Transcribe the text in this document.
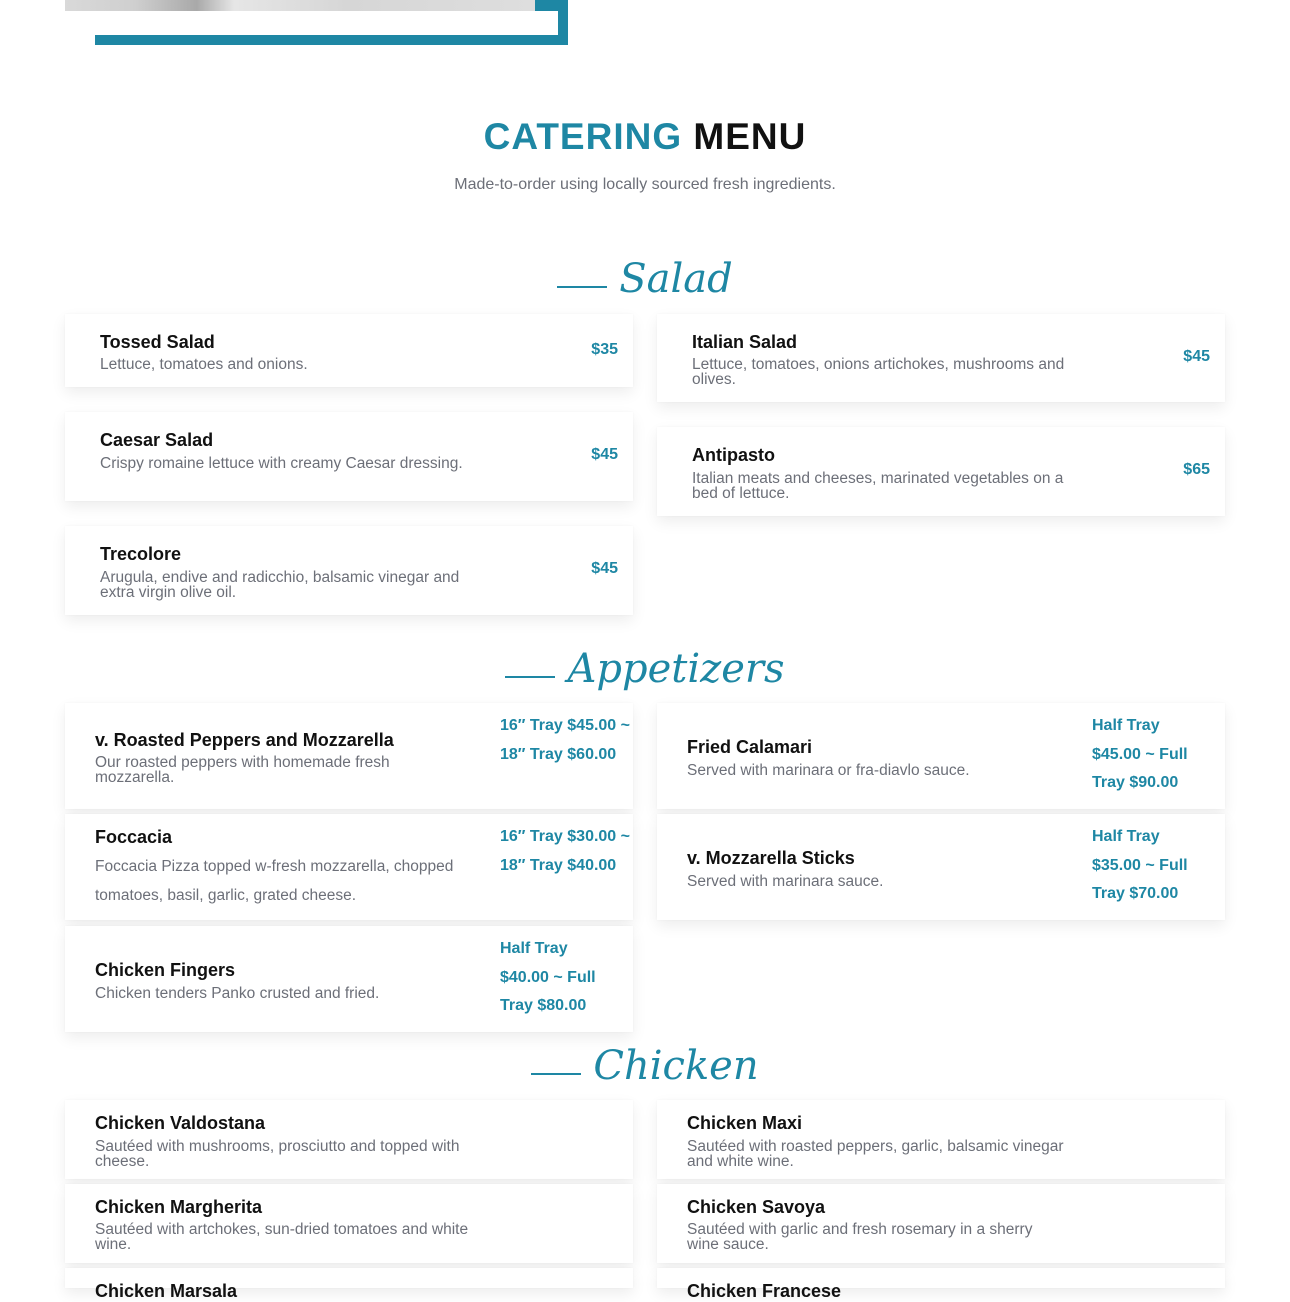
CATERING MENU

Made-to-order using locally sourced fresh ingredients.

Salad
Tossed Salad
Lettuce, tomatoes and onions.
$35	Italian Salad
Lettuce, tomatoes, onions artichokes, mushrooms and olives.
$45
Caesar Salad
Crispy romaine lettuce with creamy Caesar dressing.
$45	Antipasto
Italian meats and cheeses, marinated vegetables on a bed of lettuce.
$65
Trecolore
Arugula, endive and radicchio, balsamic vinegar and extra virgin olive oil.
$45
Appetizers
v. Roasted Peppers and Mozzarella
Our roasted peppers with homemade fresh mozzarella.
16″ Tray $45.00 ~ 18″ Tray $60.00	Fried Calamari
Served with marinara or fra-diavlo sauce.
Half Tray $45.00 ~ Full Tray $90.00
Foccacia
Foccacia Pizza topped w-fresh mozzarella, chopped tomatoes, basil, garlic, grated cheese.
16″ Tray $30.00 ~ 18″ Tray $40.00	v. Mozzarella Sticks
Served with marinara sauce.
Half Tray $35.00 ~ Full Tray $70.00
Chicken Fingers
Chicken tenders Panko crusted and fried.
Half Tray $40.00 ~ Full Tray $80.00
Chicken
Chicken Valdostana
Sautéed with mushrooms, prosciutto and topped with cheese.
Chicken Maxi
Sautéed with roasted peppers, garlic, balsamic vinegar and white wine.
Chicken Margherita
Sautéed with artchokes, sun-dried tomatoes and white wine.
Chicken Savoya
Sautéed with garlic and fresh rosemary in a sherry wine sauce.
Chicken Marsala	Chicken Francese
